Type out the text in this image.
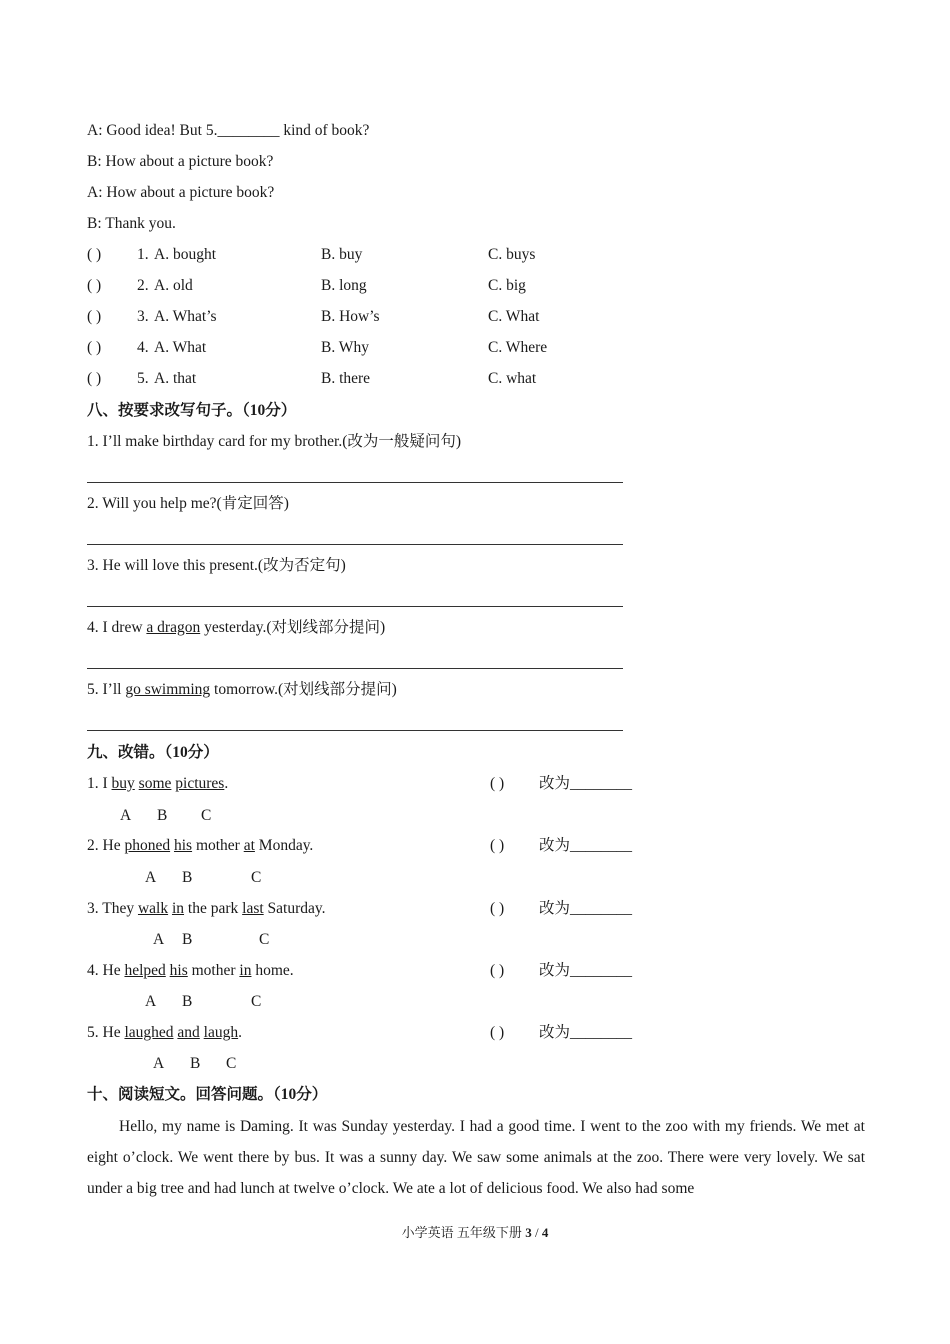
A: Good idea! But 5.________ kind of book?
B: How about a picture book?
A: How about a picture book?
B: Thank you.
( ) 1. A. bought	B. buy	C. buys
( ) 2. A. old	B. long	C. big
( ) 3. A. What’s	B. How’s	C. What
( ) 4. A. What	B. Why	C. Where
( ) 5. A. that	B. there	C. what
八、按要求改写句子。（10分）
1. I’ll make birthday card for my brother.(改为一般疑问句)
2. Will you help me?(肯定回答)
3. He will love this present.(改为否定句)
4. I drew a dragon yesterday.(对划线部分提问)
5. I’ll go swimming tomorrow.(对划线部分提问)
九、改错。（10分）
1. I buy some pictures.	( ) 改为________
A B C
2. He phoned his mother at Monday.	( ) 改为________
A B	C
3. They walk in the park last Saturday.	( ) 改为________
A B	C
4. He helped his mother in home.	( ) 改为________
A B	C
5. He laughed and laugh.	( ) 改为________
A B C
十、阅读短文。回答问题。（10分）
Hello, my name is Daming. It was Sunday yesterday. I had a good time. I went to the zoo with my friends. We met at eight o’clock. We went there by bus. It was a sunny day. We saw some animals at the zoo. There were very lovely. We sat under a big tree and had lunch at twelve o’clock. We ate a lot of delicious food. We also had some
小学英语 五年级下册 3 / 4
